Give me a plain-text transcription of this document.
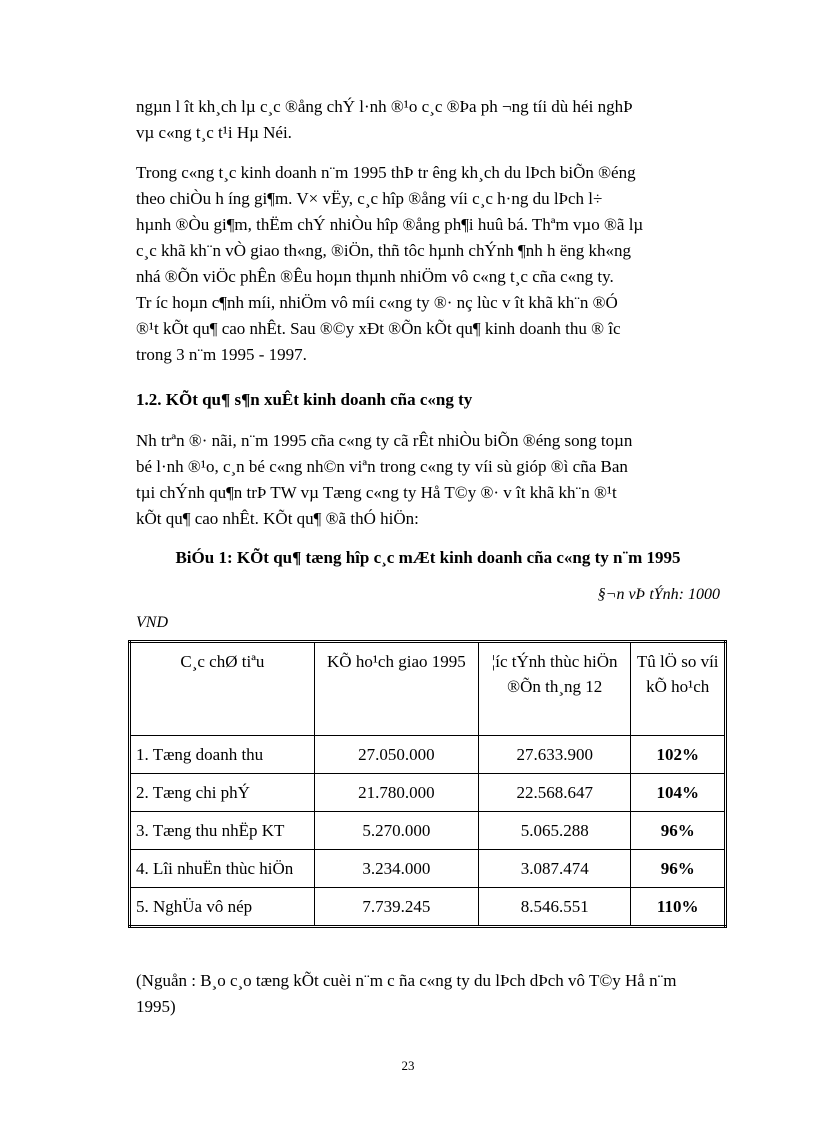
ngµn l ît kh¸ch lµ c¸c ®ång chÝ l·nh ®¹o c¸c ®Þa ph ¬ng tíi dù héi nghÞ
vµ c«ng t¸c t¹i Hµ Néi.

Trong c«ng t¸c kinh doanh n¨m 1995 thÞ tr êng kh¸ch du lÞch biÕn ®éng
theo chiÒu h íng gi¶m. V× vËy, c¸c hîp ®ång víi c¸c h·ng du lÞch l÷
hµnh ®Òu gi¶m, thËm chÝ nhiÒu hîp ®ång ph¶i huû bá. Thªm vµo ®ã lµ
c¸c khã kh¨n vÒ giao th«ng, ®iÖn, thñ tôc hµnh chÝnh ¶nh h ëng kh«ng
nhá ®Õn viÖc phÊn ®Êu hoµn thµnh nhiÖm vô c«ng t¸c cña c«ng ty.
Tr íc hoµn c¶nh míi, nhiÖm vô míi c«ng ty ®· nç lùc v ît khã kh¨n ®Ó
®¹t kÕt qu¶ cao nhÊt. Sau ®©y xÐt ®Õn kÕt qu¶ kinh doanh thu ® îc
trong 3 n¨m 1995 - 1997.

1.2. KÕt qu¶ s¶n xuÊt kinh doanh cña c«ng ty

Nh trªn ®· nãi, n¨m 1995 cña c«ng ty cã rÊt nhiÒu biÕn ®éng song toµn
bé l·nh ®¹o, c¸n bé c«ng nh©n viªn trong c«ng ty víi sù gióp ®ì cña Ban
tµi chÝnh qu¶n trÞ TW vµ Tæng c«ng ty Hå T©y ®· v ît khã kh¨n ®¹t
kÕt qu¶ cao nhÊt. KÕt qu¶ ®ã thÓ hiÖn:

BiÓu 1: KÕt qu¶ tæng hîp c¸c mÆt kinh doanh cña c«ng ty n¨m 1995
§¬n vÞ tÝnh: 1000
VND
C¸c chØ tiªu	KÕ ho¹ch giao 1995	¦íc tÝnh thùc hiÖn ®Õn th¸ng 12	Tû lÖ so víi kÕ ho¹ch
1. Tæng doanh thu	27.050.000	27.633.900	102%
2. Tæng chi phÝ	21.780.000	22.568.647	104%
3. Tæng thu nhËp KT	5.270.000	5.065.288	96%
4. Lîi nhuËn thùc hiÖn	3.234.000	3.087.474	96%
5. NghÜa vô nép	7.739.245	8.546.551	110%

(Nguån : B¸o c¸o tæng kÕt cuèi n¨m c ña c«ng ty du lÞch dÞch vô T©y Hå n¨m 1995)

23
